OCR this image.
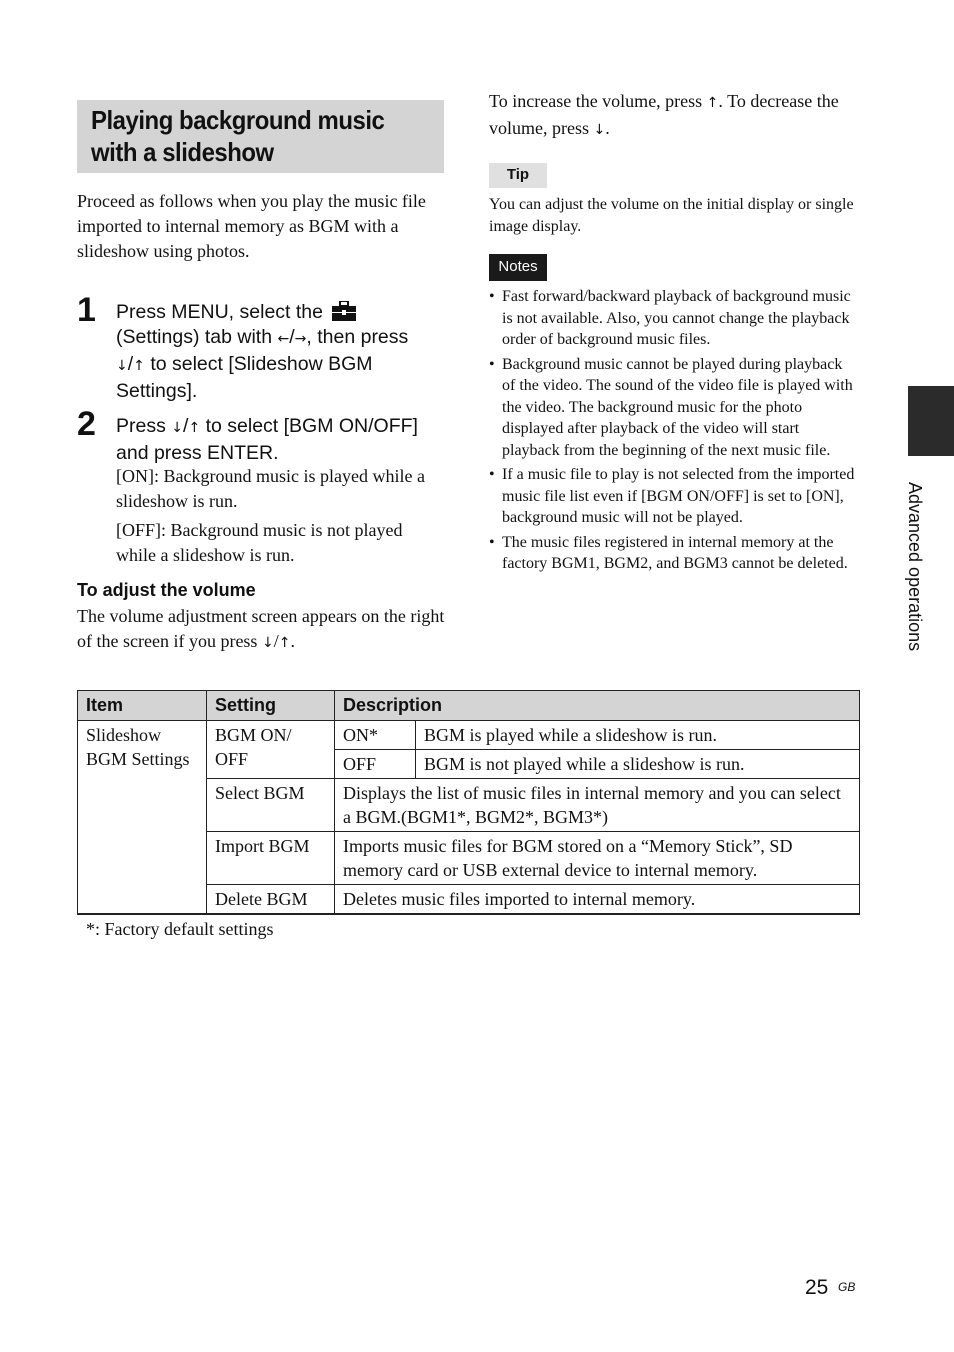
Playing background music
with a slideshow
Proceed as follows when you play the music file imported to internal memory as BGM with a slideshow using photos.
1 Press MENU, select the
(Settings) tab with ←/→, then press
↓/↑ to select [Slideshow BGM Settings].
2 Press ↓/↑ to select [BGM ON/OFF] and press ENTER.
[ON]: Background music is played while a slideshow is run.
[OFF]: Background music is not played while a slideshow is run.
To adjust the volume
The volume adjustment screen appears on the right of the screen if you press ↓/↑.
To increase the volume, press ↑. To decrease the volume, press ↓.
Tip
You can adjust the volume on the initial display or single image display.
Notes
• Fast forward/backward playback of background music is not available. Also, you cannot change the playback order of background music files.
• Background music cannot be played during playback of the video. The sound of the video file is played with the video. The background music for the photo displayed after playback of the video will start playback from the beginning of the next music file.
• If a music file to play is not selected from the imported music file list even if [BGM ON/OFF] is set to [ON], background music will not be played.
• The music files registered in internal memory at the factory BGM1, BGM2, and BGM3 cannot be deleted.	Advanced operations
Item	Setting	Description	
Slideshow BGM Settings	BGM ON/ OFF	ON*	BGM is played while a slideshow is run.
		OFF	BGM is not played while a slideshow is run.
	Select BGM	Displays the list of music files in internal memory and you can select a BGM.(BGM1*, BGM2*, BGM3*)	
	Import BGM	Imports music files for BGM stored on a “Memory Stick”, SD memory card or USB external device to internal memory.	
	Delete BGM	Deletes music files imported to internal memory.	
*: Factory default settings
25 GB
